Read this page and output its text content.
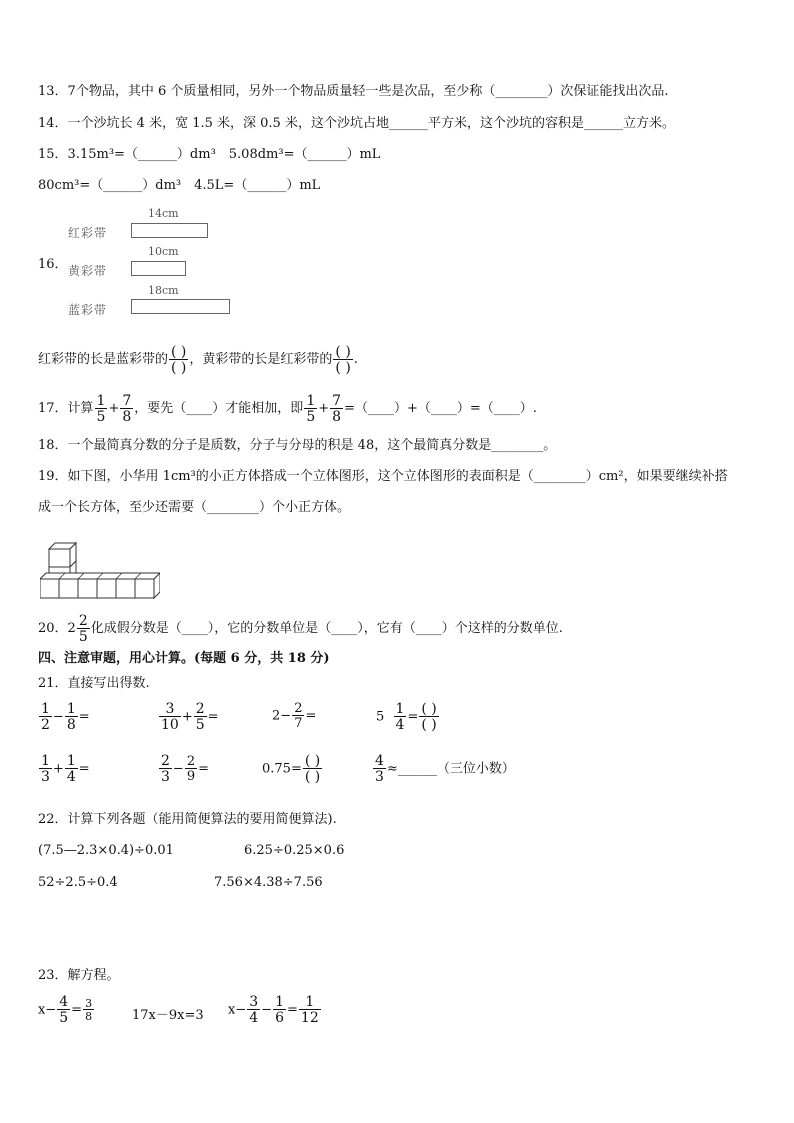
13．7个物品，其中 6 个质量相同，另外一个物品质量轻一些是次品，至少称（________）次保证能找出次品.
14．一个沙坑长 4 米，宽 1.5 米，深 0.5 米，这个沙坑占地______平方米，这个沙坑的容积是______立方米。
15．3.15m³=（______）dm³　5.08dm³=（______）mL
80cm³=（______）dm³　4.5L=（______）mL
16．
14cm
红彩带
10cm
黄彩带
18cm
蓝彩带
红彩带的长是蓝彩带的 $\frac{( )}{( )}$ ，黄彩带的长是红彩带的 $\frac{( )}{( )}$ .
17．计算 $\frac{1}{5} + \frac{7}{8}$ ，要先（____）才能相加，即 $\frac{1}{5} + \frac{7}{8}$ =（____）+（____）=（____）.
18．一个最简真分数的分子是质数，分子与分母的积是 48，这个最简真分数是________。
19．如下图，小华用 1cm³的小正方体搭成一个立体图形，这个立体图形的表面积是（________）cm²，如果要继续补搭
成一个长方体，至少还需要（________）个小正方体。
20．$2 \frac{2}{5}$ 化成假分数是（____），它的分数单位是（____），它有（____）个这样的分数单位.
四、注意审题，用心计算。(每题 6 分，共 18 分)
21．直接写出得数.
$\frac{1}{2} - \frac{1}{8}$ =	$\frac{3}{10} + \frac{2}{5}$ =	$2- \frac{2}{7}$ =	$5 \frac{1}{4} = \frac{( )}{( )}$
$\frac{1}{3} + \frac{1}{4}$ =	$\frac{2}{3} - \frac{2}{9}$ =	$0.75= \frac{( )}{( )}$	$\frac{4}{3}$ ≈______（三位小数）
22．计算下列各题（能用简便算法的要用简便算法).
(7.5—2.3×0.4)÷0.01	6.25÷0.25×0.6
52÷2.5÷0.4	7.56×4.38÷7.56
23．解方程。
$x- \frac{4}{5} = \frac{3}{8}$	17x－9x=3 $x- \frac{3}{4} - \frac{1}{6} = \frac{1}{12}$
